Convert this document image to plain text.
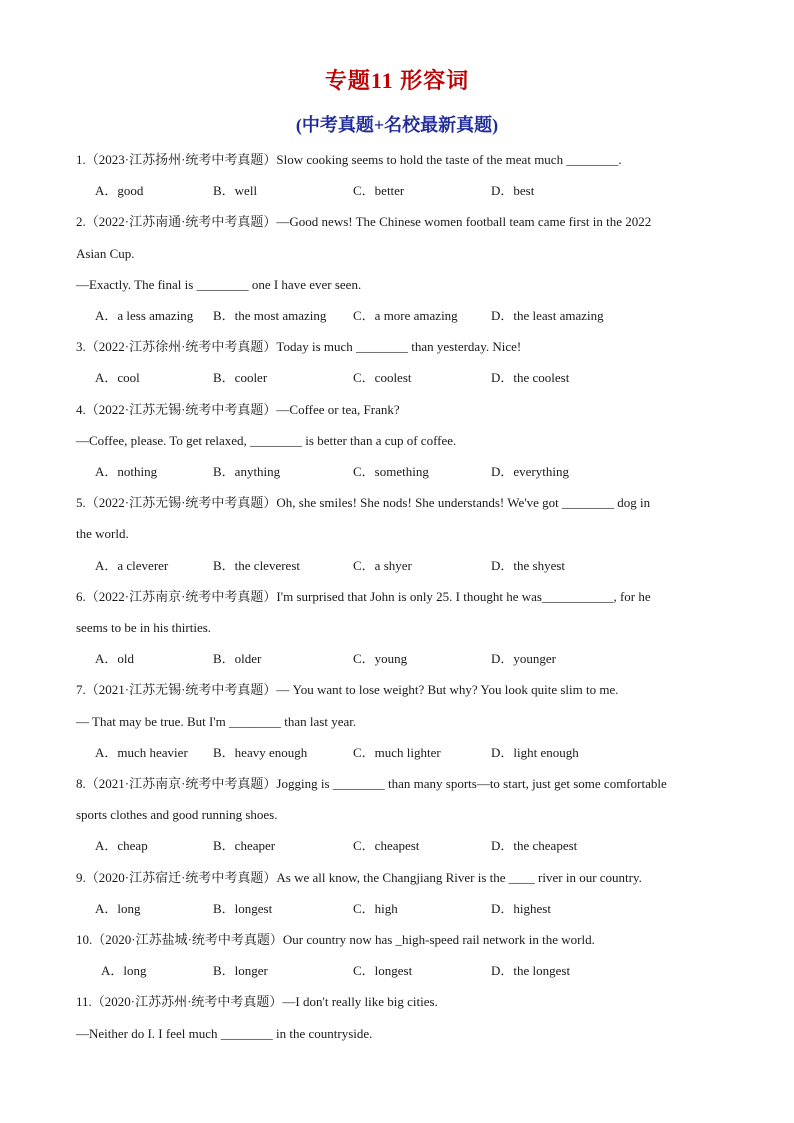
专题11 形容词
(中考真题+名校最新真题)
1.（2023·江苏扬州·统考中考真题）Slow cooking seems to hold the taste of the meat much ________.
A．good	B．well	C．better	D．best
2.（2022·江苏南通·统考中考真题）—Good news! The Chinese women football team came first in the 2022
Asian Cup.
—Exactly. The final is ________ one I have ever seen.
A．a less amazing B．the most amazing C．a more amazing	D．the least amazing
3.（2022·江苏徐州·统考中考真题）Today is much ________ than yesterday. Nice!
A．cool	B．cooler	C．coolest	D．the coolest
4.（2022·江苏无锡·统考中考真题）—Coffee or tea, Frank?
—Coffee, please. To get relaxed, ________ is better than a cup of coffee.
A．nothing	B．anything	C．something	D．everything
5.（2022·江苏无锡·统考中考真题）Oh, she smiles! She nods! She understands! We've got ________ dog in
the world.
A．a cleverer	B．the cleverest	C．a shyer	D．the shyest
6.（2022·江苏南京·统考中考真题）I'm surprised that John is only 25. I thought he was___________, for he
seems to be in his thirties.
A．old	B．older	C．young	D．younger
7.（2021·江苏无锡·统考中考真题）— You want to lose weight? But why? You look quite slim to me.
— That may be true. But I'm ________ than last year.
A．much heavier B．heavy enough	C．much lighter	D．light enough
8.（2021·江苏南京·统考中考真题）Jogging is ________ than many sports—to start, just get some comfortable
sports clothes and good running shoes.
A．cheap	B．cheaper	C．cheapest	D．the cheapest
9.（2020·江苏宿迁·统考中考真题）As we all know, the Changjiang River is the ____ river in our country.
A．long	B．longest	C．high	D．highest
10.（2020·江苏盐城·统考中考真题）Our country now has _high-speed rail network in the world.
A．long	B．longer	C．longest	D．the longest
11.（2020·江苏苏州·统考中考真题）—I don't really like big cities.
—Neither do I. I feel much ________ in the countryside.
